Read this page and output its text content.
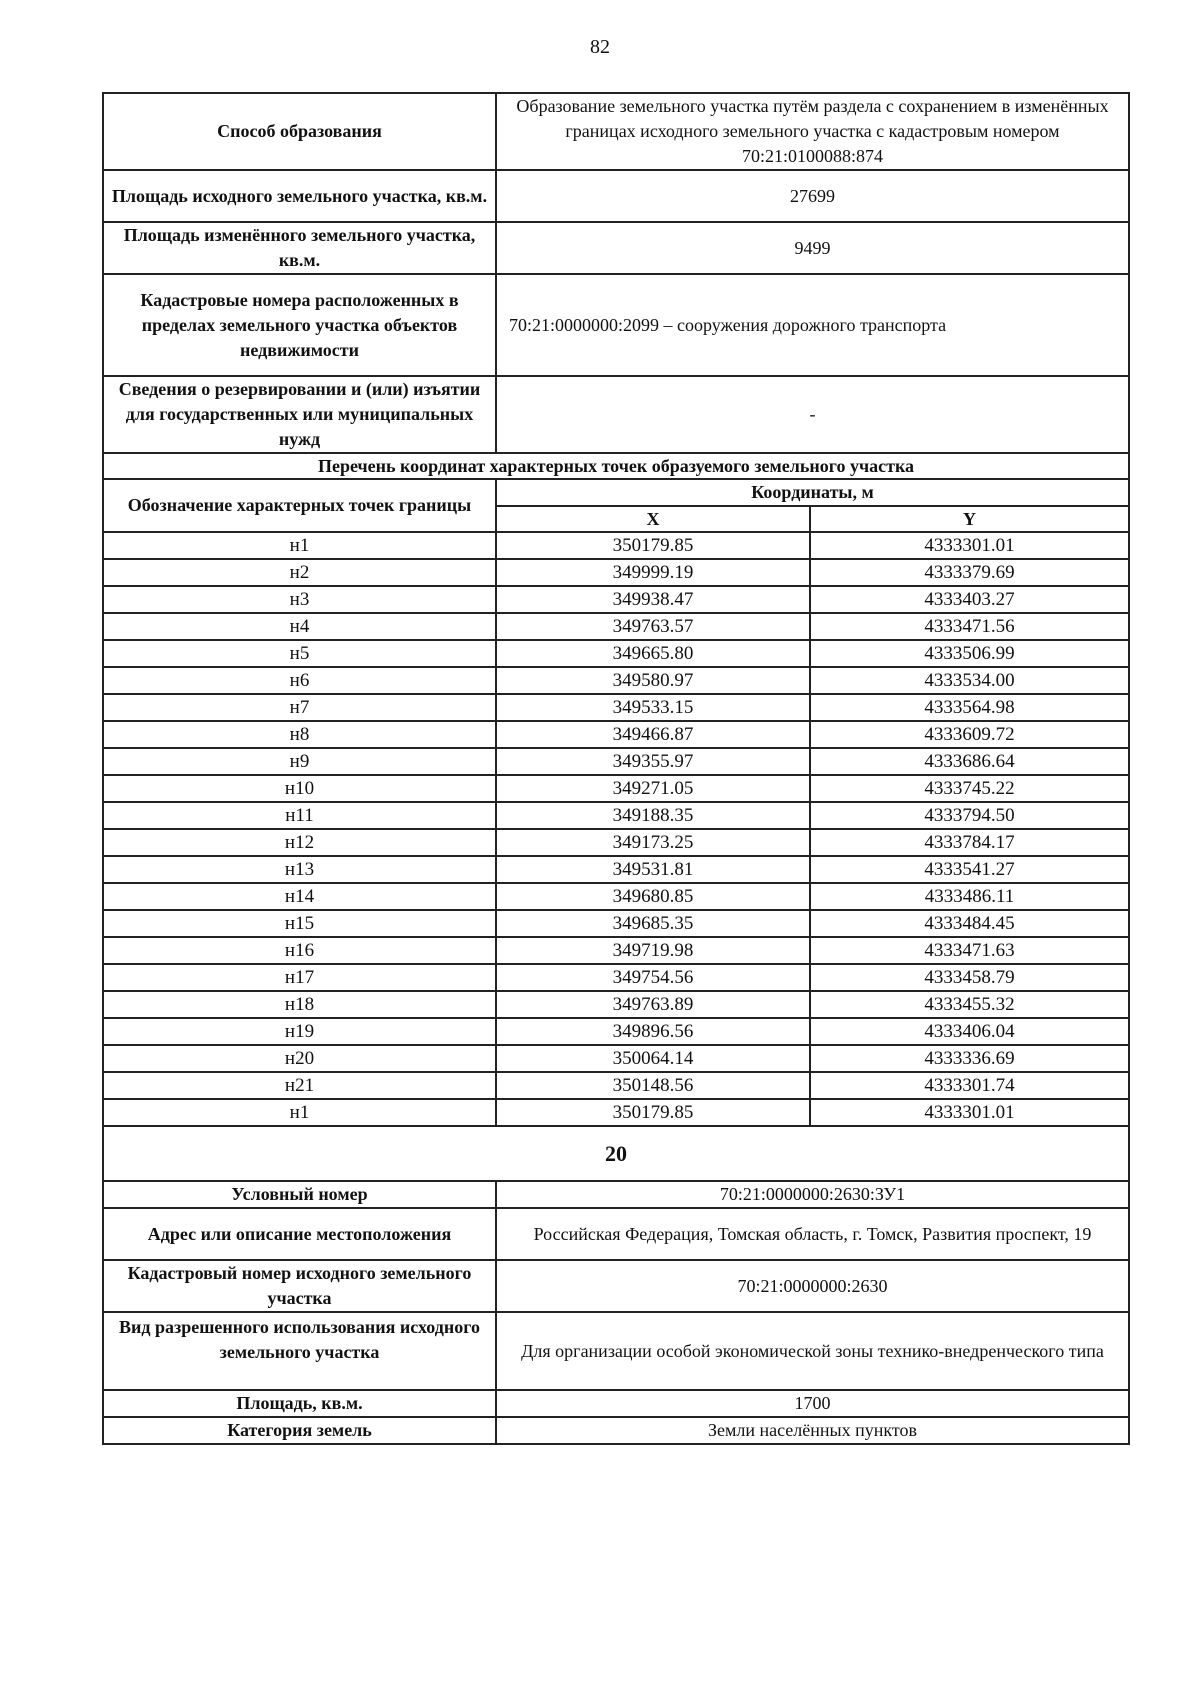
82
Способ образования	Образование земельного участка путём раздела с сохранением в изменённых границах исходного земельного участка с кадастровым номером 70:21:0100088:874	
Площадь исходного земельного участка, кв.м.	27699	
Площадь изменённого земельного участка, кв.м.	9499	
Кадастровые номера расположенных в пределах земельного участка объектов недвижимости	70:21:0000000:2099 – сооружения дорожного транспорта	
Сведения о резервировании и (или) изъятии для государственных или муниципальных нужд	-	
Перечень координат характерных точек образуемого земельного участка		
Обозначение характерных точек границы	Координаты, м	
	X	Y
н1	350179.85	4333301.01
н2	349999.19	4333379.69
н3	349938.47	4333403.27
н4	349763.57	4333471.56
н5	349665.80	4333506.99
н6	349580.97	4333534.00
н7	349533.15	4333564.98
н8	349466.87	4333609.72
н9	349355.97	4333686.64
н10	349271.05	4333745.22
н11	349188.35	4333794.50
н12	349173.25	4333784.17
н13	349531.81	4333541.27
н14	349680.85	4333486.11
н15	349685.35	4333484.45
н16	349719.98	4333471.63
н17	349754.56	4333458.79
н18	349763.89	4333455.32
н19	349896.56	4333406.04
н20	350064.14	4333336.69
н21	350148.56	4333301.74
н1	350179.85	4333301.01
20		
Условный номер	70:21:0000000:2630:ЗУ1	
Адрес или описание местоположения	Российская Федерация, Томская область, г. Томск, Развития проспект, 19	
Кадастровый номер исходного земельного участка	70:21:0000000:2630	
Вид разрешенного использования исходного земельного участка	Для организации особой экономической зоны технико-внедренческого типа	
Площадь, кв.м.	1700	
Категория земель	Земли населённых пунктов	
